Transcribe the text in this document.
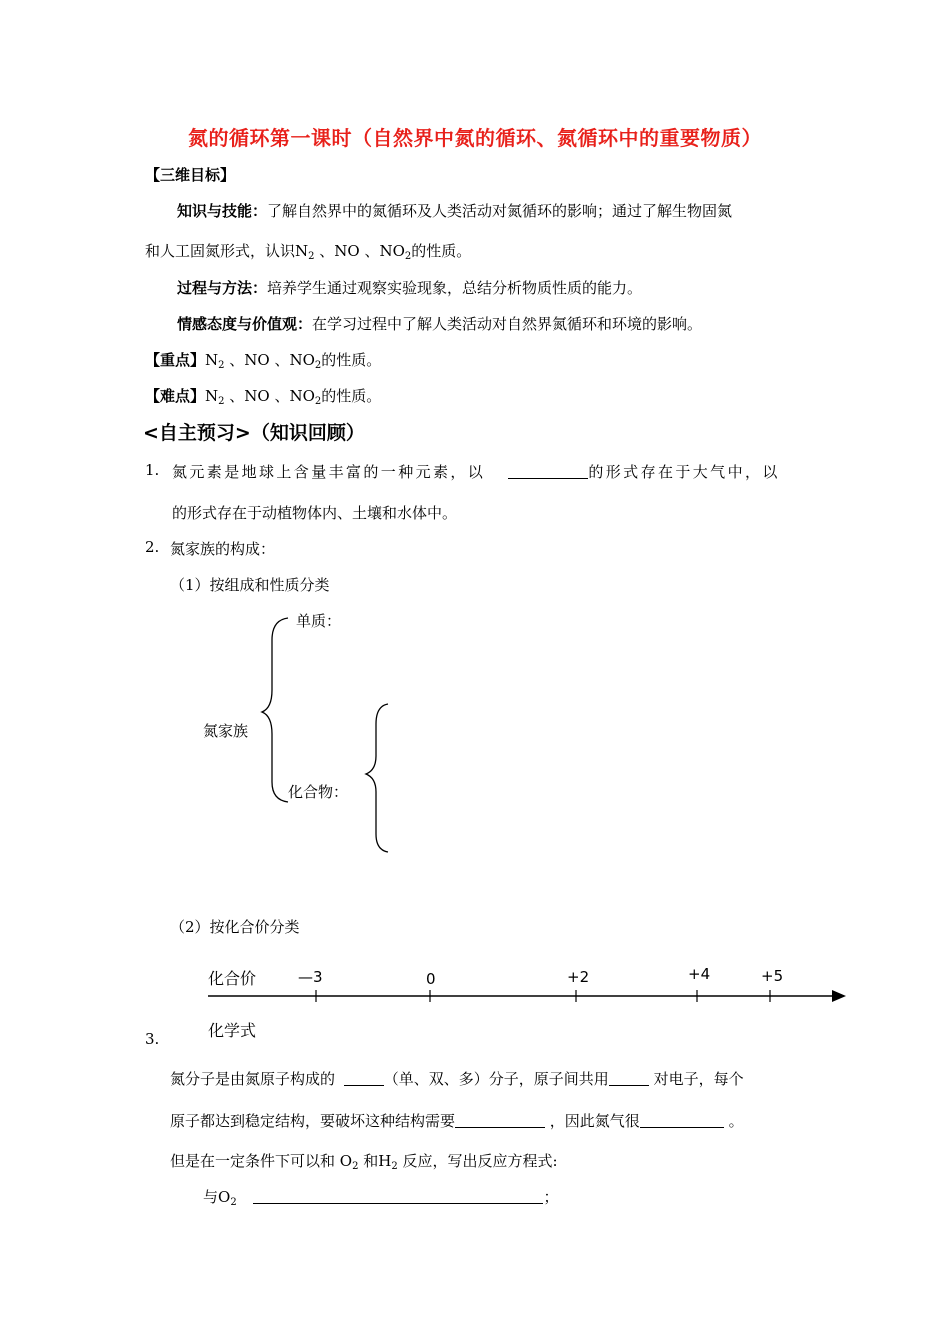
氮的循环第一课时（自然界中氮的循环、氮循环中的重要物质）
【三维目标】
知识与技能：了解自然界中的氮循环及人类活动对氮循环的影响；通过了解生物固氮
和人工固氮形式，认识$N_2$ 、NO 、$NO_2$的性质。
过程与方法：培养学生通过观察实验现象，总结分析物质性质的能力。
情感态度与价值观：在学习过程中了解人类活动对自然界氮循环和环境的影响。
【重点】$N_2$ 、NO 、$NO_2$的性质。
【难点】$N_2$ 、NO 、$NO_2$的性质。
<自主预习>（知识回顾）
1. 氮元素是地球上含量丰富的一种元素，以	的形式存在于大气中，以
的形式存在于动植物体内、土壤和水体中。
2. 氮家族的构成：
（1）按组成和性质分类
单质：
氮家族
化合物：
（2）按化合价分类
化合价	—3	0	+2	+4	+5
化学式
3.
氮分子是由氮原子构成的	（单、双、多）分子，原子间共用	对电子，每个
原子都达到稳定结构，要破坏这种结构需要	，因此氮气很	。
但是在一定条件下可以和 $O_2$ 和$H_2$ 反应，写出反应方程式:
与$O_2$	；
